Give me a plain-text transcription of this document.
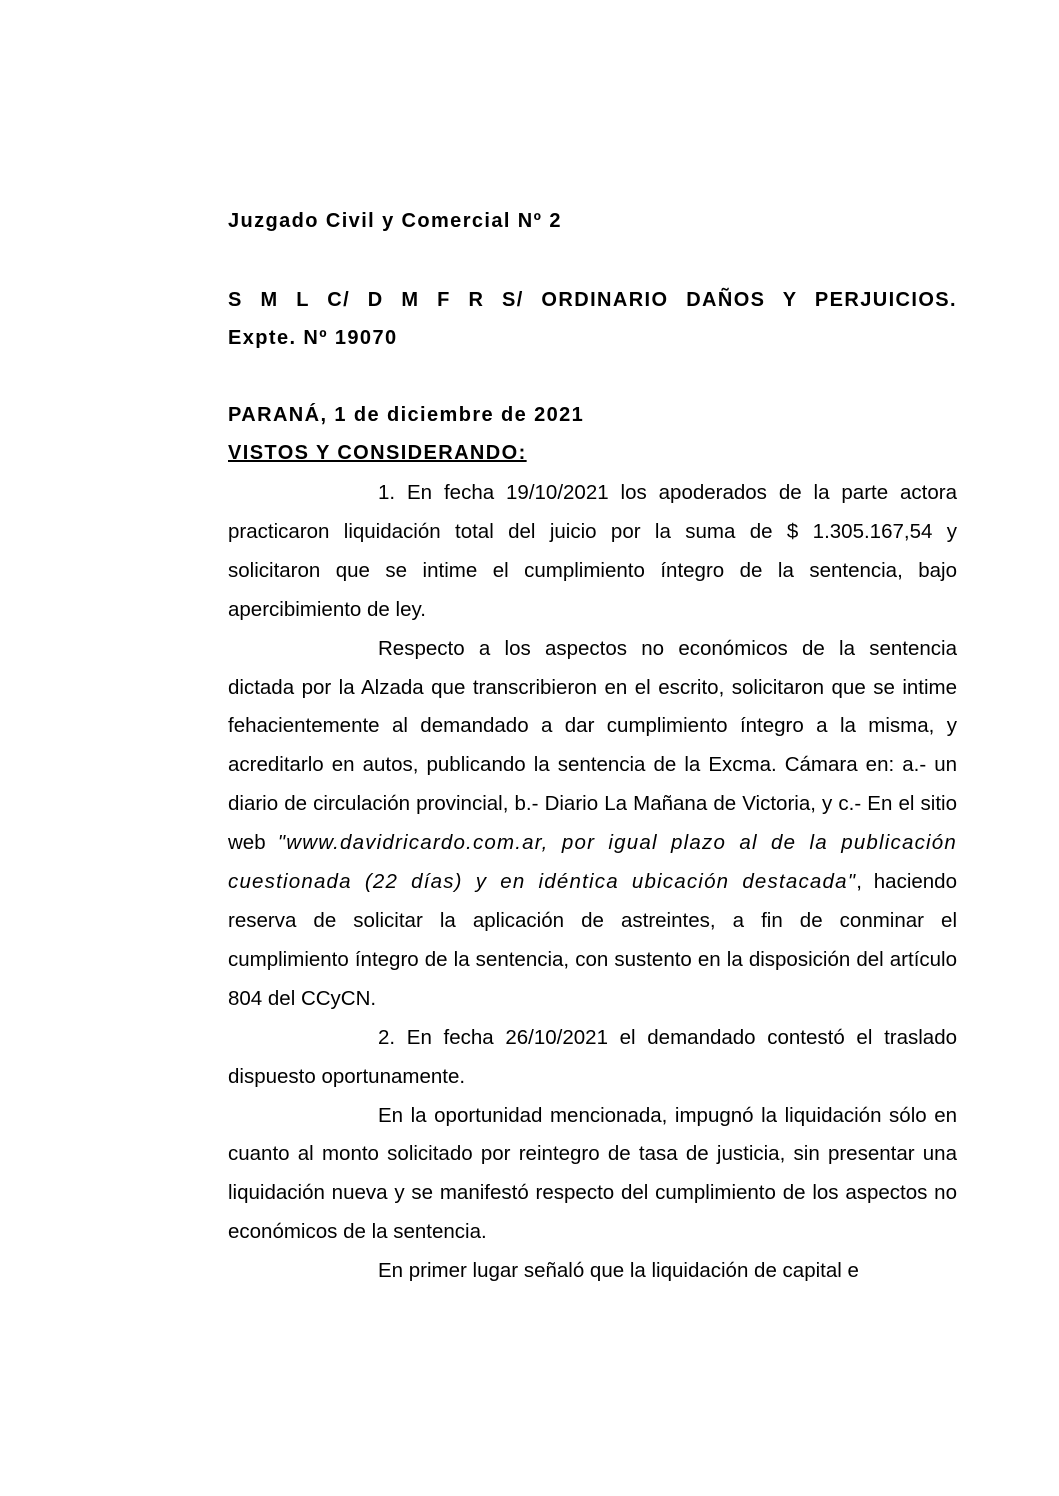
Juzgado Civil y Comercial Nº 2
S M L C/ D M F R S/ ORDINARIO DAÑOS Y PERJUICIOS.
Expte. Nº 19070
PARANÁ, 1 de diciembre de 2021
VISTOS Y CONSIDERANDO:

1. En fecha 19/10/2021 los apoderados de la parte actora practicaron liquidación total del juicio por la suma de $ 1.305.167,54 y solicitaron que se intime el cumplimiento íntegro de la sentencia, bajo apercibimiento de ley.

Respecto a los aspectos no económicos de la sentencia dictada por la Alzada que transcribieron en el escrito, solicitaron que se intime fehacientemente al demandado a dar cumplimiento íntegro a la misma, y acreditarlo en autos, publicando la sentencia de la Excma. Cámara en: a.- un diario de circulación provincial, b.- Diario La Mañana de Victoria, y c.- En el sitio web "www.davidricardo.com.ar, por igual plazo al de la publicación cuestionada (22 días) y en idéntica ubicación destacada", haciendo reserva de solicitar la aplicación de astreintes, a fin de conminar el cumplimiento íntegro de la sentencia, con sustento en la disposición del artículo 804 del CCyCN.

2. En fecha 26/10/2021 el demandado contestó el traslado dispuesto oportunamente.

En la oportunidad mencionada, impugnó la liquidación sólo en cuanto al monto solicitado por reintegro de tasa de justicia, sin presentar una liquidación nueva y se manifestó respecto del cumplimiento de los aspectos no económicos de la sentencia.

En primer lugar señaló que la liquidación de capital e
